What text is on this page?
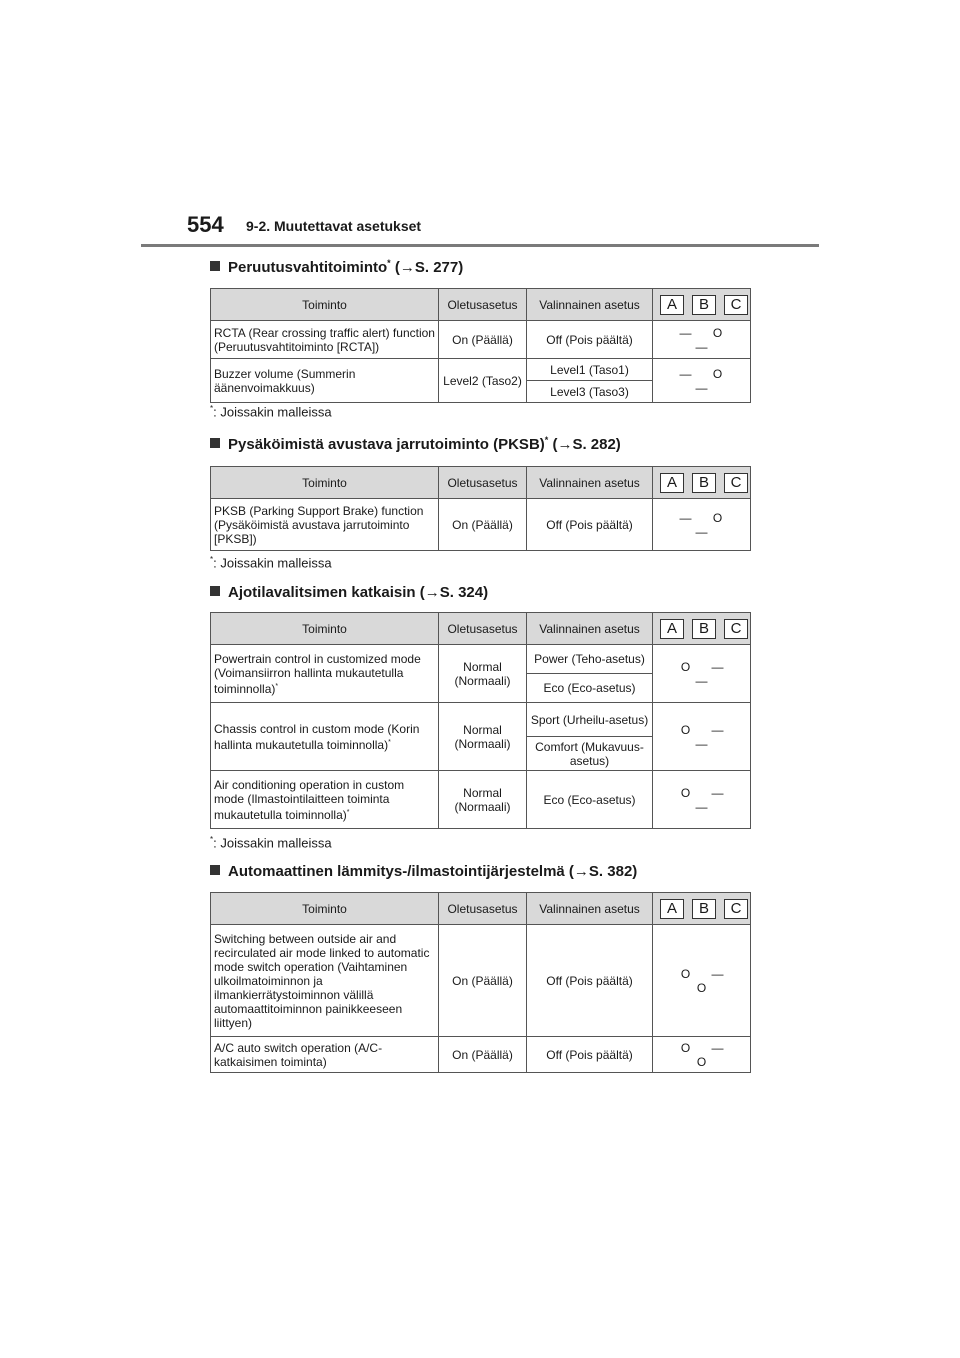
554 9-2. Muutettavat asetukset
Peruutusvahtitoiminto* (→S. 277)
Toiminto	Oletusasetus	Valinnainen asetus	A B C
RCTA (Rear crossing traffic alert) function (Peruutusvahtitoiminto [RCTA])	On (Päällä)	Off (Pois päältä)	— O—
Buzzer volume (Summerin äänenvoimakkuus)	Level2 (Taso2)	Level1 (Taso1)	— O—
		Level3 (Taso3)	
*: Joissakin malleissa
Pysäköimistä avustava jarrutoiminto (PKSB)* (→S. 282)
Toiminto	Oletusasetus	Valinnainen asetus	A B C
PKSB (Parking Support Brake) function (Pysäköimistä avustava jarrutoiminto [PKSB])	On (Päällä)	Off (Pois päältä)	— O—
*: Joissakin malleissa
Ajotilavalitsimen katkaisin (→S. 324)
Toiminto	Oletusasetus	Valinnainen asetus	A B C
Powertrain control in customized mode (Voimansiirron hallinta mukautetulla toiminnolla)*	Normal (Normaali)	Power (Teho-asetus)	O ——
		Eco (Eco-asetus)	
Chassis control in custom mode (Korin hallinta mukautetulla toiminnolla)*	Normal (Normaali)	Sport (Urheilu-asetus)	O ——
		Comfort (Mukavuus-asetus)	
Air conditioning operation in custom mode (Ilmastointilaitteen toiminta mukautetulla toiminnolla)*	Normal (Normaali)	Eco (Eco-asetus)	O ——
*: Joissakin malleissa
Automaattinen lämmitys-/ilmastointijärjestelmä (→S. 382)
Toiminto	Oletusasetus	Valinnainen asetus	A B C
Switching between outside air and recirculated air mode linked to automatic mode switch operation (Vaihtaminen ulkoilmatoiminnon ja ilmankierrätystoiminnon välillä automaattitoiminnon painikkeeseen liittyen)	On (Päällä)	Off (Pois päältä)	O —O
A/C auto switch operation (A/C-katkaisimen toiminta)	On (Päällä)	Off (Pois päältä)	O —O
